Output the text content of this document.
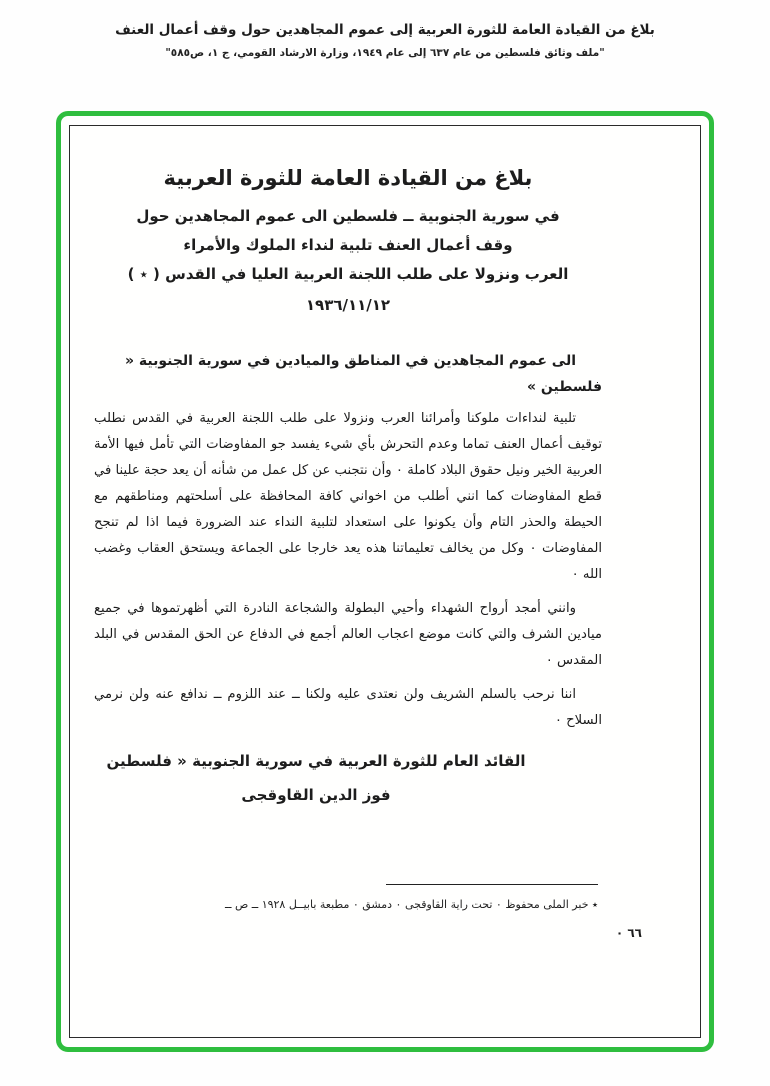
بلاغ من القيادة العامة للثورة العربية إلى عموم المجاهدين حول وقف أعمال العنف
"ملف وثائق فلسطين من عام ٦٣٧ إلى عام ١٩٤٩، وزارة الارشاد القومي، ج ١، ص٥٨٥"
بلاغ من القيادة العامة للثورة العربية
في سورية الجنوبية ــ فلسطين الى عموم المجاهدين حول
وقف أعمال العنف تلبية لنداء الملوك والأمراء
العرب ونزولا على طلب اللجنة العربية العليا في القدس ( ٭ )
١٩٣٦/١١/١٢

الى عموم المجاهدين في المناطق والميادين في سورية الجنوبية « فلسطين »

تلبية لنداءات ملوكنا وأمرائنا العرب ونزولا على طلب اللجنة العربية في القدس نطلب توقيف أعمال العنف تماما وعدم التحرش بأي شيء يفسد جو المفاوضات التي تأمل فيها الأمة العربية الخير ونيل حقوق البلاد كاملة ٠ وأن نتجنب عن كل عمل من شأنه أن يعد حجة علينا في قطع المفاوضات كما انني أطلب من اخواني كافة المحافظة على أسلحتهم ومناطقهم مع الحيطة والحذر التام وأن يكونوا على استعداد لتلبية النداء عند الضرورة فيما اذا لم تنجح المفاوضات ٠ وكل من يخالف تعليماتنا هذه يعد خارجا على الجماعة ويستحق العقاب وغضب الله ٠

وانني أمجد أرواح الشهداء وأحيي البطولة والشجاعة النادرة التي أظهرتموها في جميع ميادين الشرف والتي كانت موضع اعجاب العالم أجمع في الدفاع عن الحق المقدس في البلد المقدس ٠

اننا نرحب بالسلم الشريف ولن نعتدى عليه ولكنا ــ عند اللزوم ــ ندافع عنه ولن نرمي السلاح ٠

القائد العام للثورة العربية في سورية الجنوبية « فلسطين
فوز الدين القاوقجى
٭ خبر الملى محفوظ ٠ تحت راية القاوقجى ٠ دمشق ٠ مطبعة بابيــل ١٩٢٨ ــ ص ــ
٦٦ ٠
